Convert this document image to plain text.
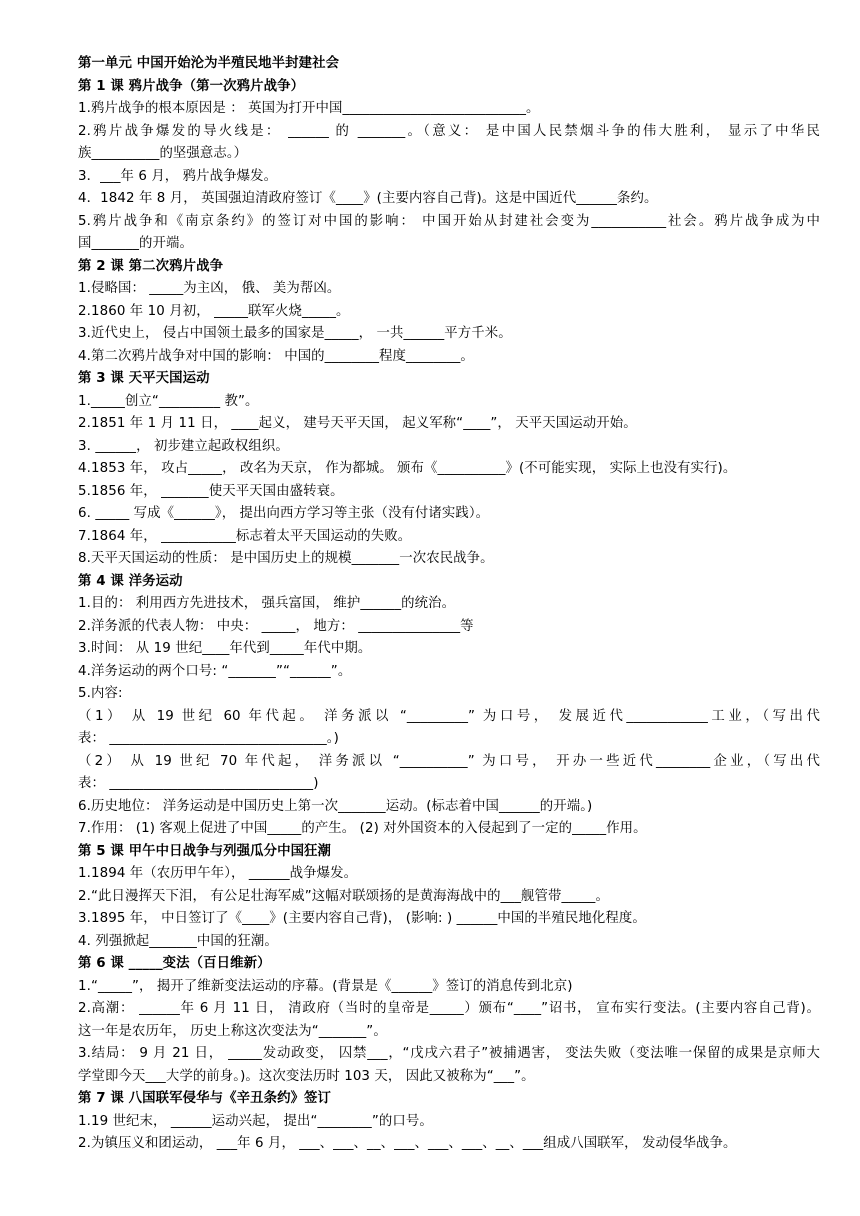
第一单元 中国开始沦为半殖民地半封建社会
第 1 课 鸦片战争（第一次鸦片战争）
1.鸦片战争的根本原因是 ： 英国为打开中国___________________________。
2.鸦片战争爆发的导火线是： ______ 的 _______。（意义： 是中国人民禁烟斗争的伟大胜利， 显示了中华民
族__________的坚强意志。）
3．___年 6 月， 鸦片战争爆发。
4．1842 年 8 月， 英国强迫清政府签订《____》(主要内容自己背)。这是中国近代______条约。
5.鸦片战争和《南京条约》的签订对中国的影响： 中国开始从封建社会变为___________社会。鸦片战争成为中
国_______的开端。
第 2 课 第二次鸦片战争
1.侵略国： _____为主凶， 俄、 美为帮凶。
2.1860 年 10 月初， _____联军火烧_____。
3.近代史上， 侵占中国领土最多的国家是_____， 一共______平方千米。
4.第二次鸦片战争对中国的影响： 中国的________程度________。
第 3 课 天平天国运动
1._____创立“_________ 教”。
2.1851 年 1 月 11 日， ____起义， 建号天平天国， 起义军称“____”， 天平天国运动开始。
3. ______， 初步建立起政权组织。
4.1853 年， 攻占_____， 改名为天京， 作为都城。 颁布《__________》(不可能实现， 实际上也没有实行)。
5.1856 年， _______使天平天国由盛转衰。
6. _____ 写成《______》， 提出向西方学习等主张（没有付诸实践）。
7.1864 年， ___________标志着太平天国运动的失败。
8.天平天国运动的性质： 是中国历史上的规模_______一次农民战争。
第 4 课 洋务运动
1.目的： 利用西方先进技术， 强兵富国， 维护______的统治。
2.洋务派的代表人物： 中央： _____， 地方： _______________等
3.时间： 从 19 世纪____年代到_____年代中期。
4.洋务运动的两个口号: “_______”“______”。
5.内容:
（1） 从 19 世纪 60 年代起。 洋务派以 “_________” 为口号， 发展近代____________工业，（写出代
表： ________________________________。)
（2） 从 19 世纪 70 年代起， 洋务派以 “__________” 为口号， 开办一些近代________企业，（写出代
表： ______________________________)
6.历史地位： 洋务运动是中国历史上第一次_______运动。(标志着中国______的开端。)
7.作用： (1) 客观上促进了中国_____的产生。 (2) 对外国资本的入侵起到了一定的_____作用。
第 5 课 甲午中日战争与列强瓜分中国狂潮
1.1894 年（农历甲午年）， ______战争爆发。
2.“此日漫挥天下泪， 有公足壮海军威”这幅对联颂扬的是黄海海战中的___舰管带_____。
3.1895 年， 中日签订了《____》(主要内容自己背)， (影响: ) ______中国的半殖民地化程度。
4. 列强掀起_______中国的狂潮。
第 6 课 _____变法（百日维新）
1.“_____”， 揭开了维新变法运动的序幕。(背景是《______》签订的消息传到北京)
2.高潮： ______年 6 月 11 日， 清政府（当时的皇帝是_____）颁布“____”诏书， 宣布实行变法。(主要内容自己背)。
这一年是农历年， 历史上称这次变法为“_______”。
3.结局： 9 月 21 日， _____发动政变， 囚禁___，“戊戌六君子”被捕遇害， 变法失败（变法唯一保留的成果是京师大
学堂即今天___大学的前身。)。这次变法历时 103 天， 因此又被称为“___”。
第 7 课 八国联军侵华与《辛丑条约》签订
1.19 世纪末， ______运动兴起， 提出“________”的口号。
2.为镇压义和团运动， ___年 6 月， ___、___、__、___、___、___、__、___组成八国联军， 发动侵华战争。
